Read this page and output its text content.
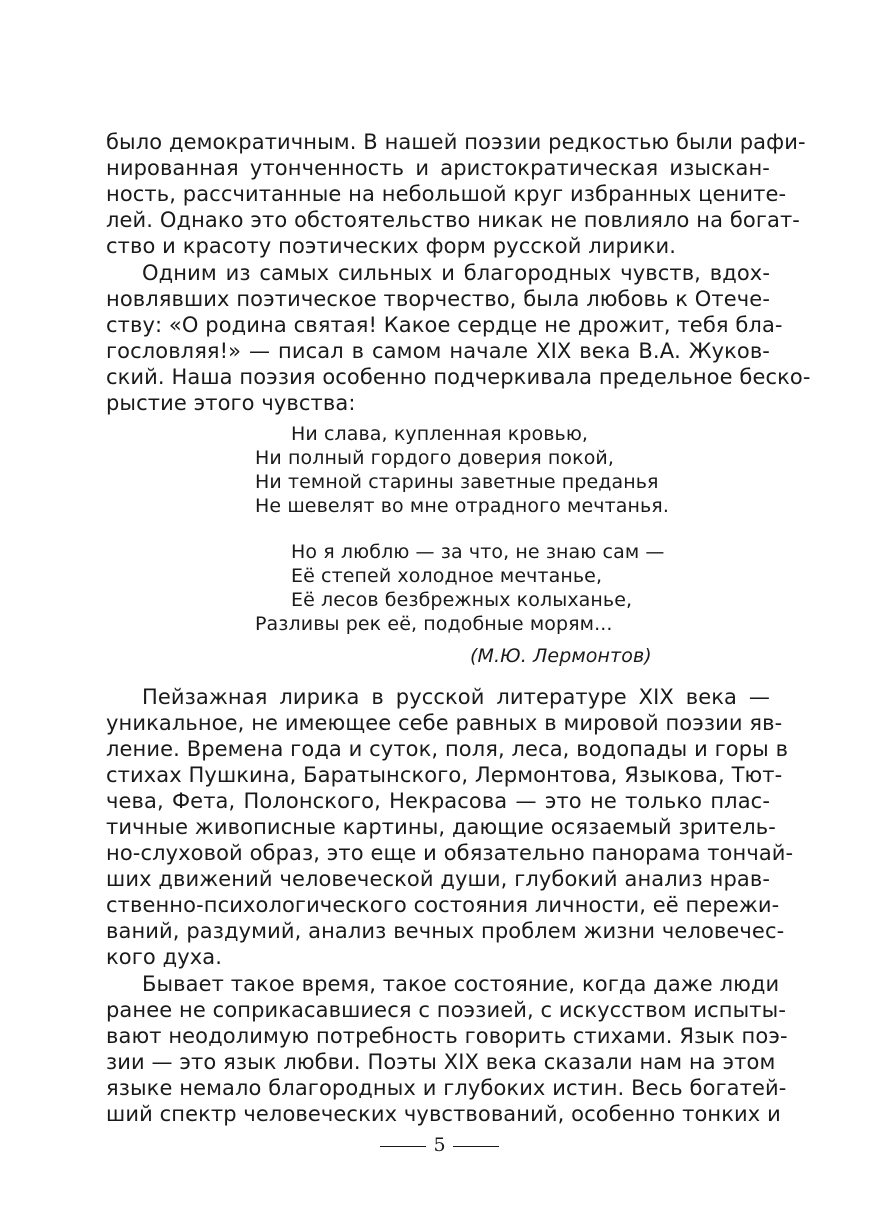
было демократичным. В нашей поэзии редкостью были рафи-

нированная утонченность и аристократическая изыскан-

ность, рассчитанные на небольшой круг избранных цените-

лей. Однако это обстоятельство никак не повлияло на богат-

ство и красоту поэтических форм русской лирики.

Одним из самых сильных и благородных чувств, вдох-

новлявших поэтическое творчество, была любовь к Отече-

ству: «О родина святая! Какое сердце не дрожит, тебя бла-

гословляя!» — писал в самом начале XIX века В.А. Жуков-

ский. Наша поэзия особенно подчеркивала предельное беско-

рыстие этого чувства:

Ни слава, купленная кровью,

Ни полный гордого доверия покой,

Ни темной старины заветные преданья

Не шевелят во мне отрадного мечтанья.

Но я люблю — за что, не знаю сам —

Её степей холодное мечтанье,

Её лесов безбрежных колыханье,

Разливы рек её, подобные морям...

(М.Ю. Лермонтов)

Пейзажная лирика в русской литературе XIX века —

уникальное, не имеющее себе равных в мировой поэзии яв-

ление. Времена года и суток, поля, леса, водопады и горы в

стихах Пушкина, Баратынского, Лермонтова, Языкова, Тют-

чева, Фета, Полонского, Некрасова — это не только плас-

тичные живописные картины, дающие осязаемый зритель-

но-слуховой образ, это еще и обязательно панорама тончай-

ших движений человеческой души, глубокий анализ нрав-

ственно-психологического состояния личности, её пережи-

ваний, раздумий, анализ вечных проблем жизни человечес-

кого духа.

Бывает такое время, такое состояние, когда даже люди

ранее не соприкасавшиеся с поэзией, с искусством испыты-

вают неодолимую потребность говорить стихами. Язык поэ-

зии — это язык любви. Поэты XIX века сказали нам на этом

языке немало благородных и глубоких истин. Весь богатей-

ший спектр человеческих чувствований, особенно тонких и

5
